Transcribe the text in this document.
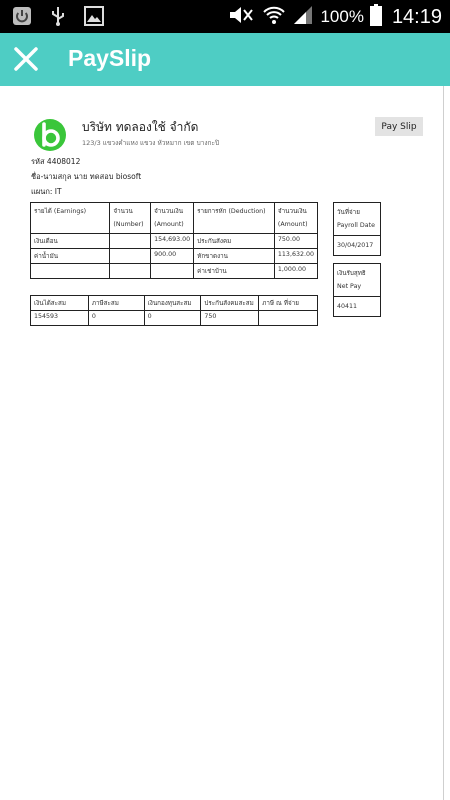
100% 14:19
PaySlip
บริษัท ทดลองใช้ จำกัด
123/3 แขวงคำแหง แขวง หัวหมาก เขต บางกะปิ
Pay Slip
รหัส 4408012
ชื่อ-นามสกุล นาย ทดสอบ biosoft
แผนก: IT
รายได้ (Earnings)	จำนวน (Number)	จำนวนเงิน (Amount)	รายการหัก (Deduction)	จำนวนเงิน (Amount)
เงินเดือน		154,693.00	ประกันสังคม	750.00
ค่าน้ำมัน		900.00	หักขาดงาน	113,632.00
			ค่าเช่าบ้าน	1,000.00
วันที่จ่าย Payroll Date
30/04/2017
เงินรับสุทธิ Net Pay
40411
เงินได้สะสม	ภาษีสะสม	เงินกองทุนสะสม	ประกันสังคมสะสม	ภาษี ณ ที่จ่าย
154593	0	0	750	
